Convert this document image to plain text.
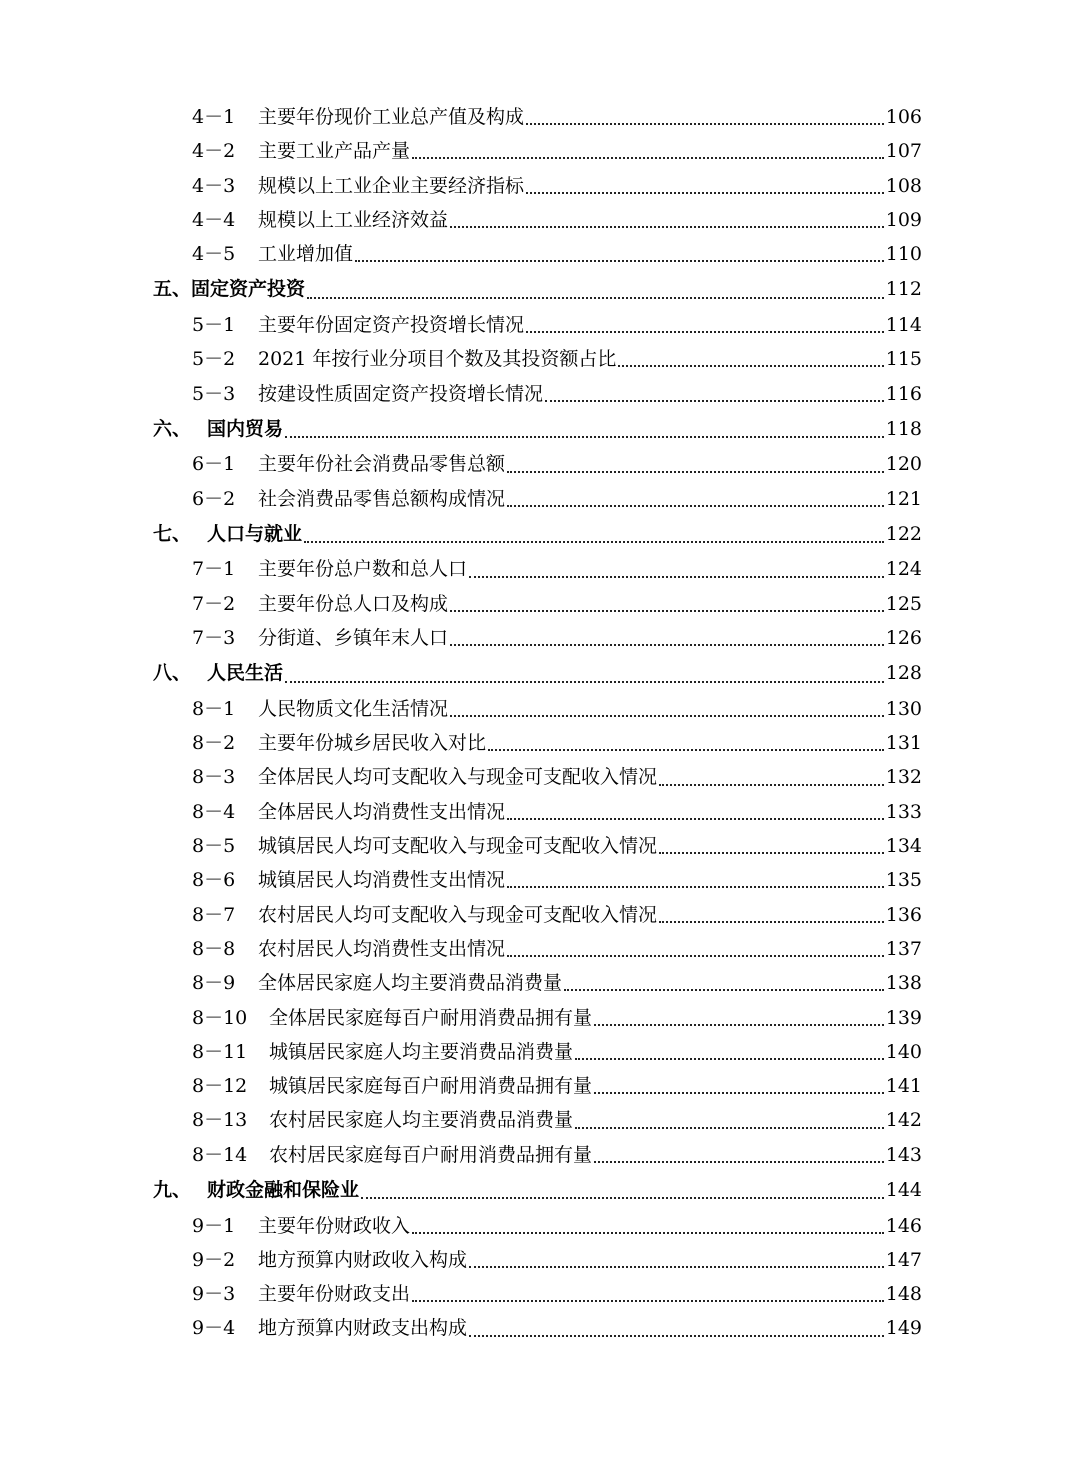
4－1	主要年份现价工业总产值及构成	106
4－2	主要工业产品产量	107
4－3	规模以上工业企业主要经济指标	108
4－4	规模以上工业经济效益	109
4－5	工业增加值	110
五、 固定资产投资	112
5－1	主要年份固定资产投资增长情况	114
5－2	2021 年按行业分项目个数及其投资额占比	115
5－3	按建设性质固定资产投资增长情况	116
六、 国内贸易	118
6－1	主要年份社会消费品零售总额	120
6－2	社会消费品零售总额构成情况	121
七、 人口与就业	122
7－1	主要年份总户数和总人口	124
7－2	主要年份总人口及构成	125
7－3	分街道、乡镇年末人口	126
八、 人民生活	128
8－1	人民物质文化生活情况	130
8－2	主要年份城乡居民收入对比	131
8－3	全体居民人均可支配收入与现金可支配收入情况	132
8－4	全体居民人均消费性支出情况	133
8－5	城镇居民人均可支配收入与现金可支配收入情况	134
8－6	城镇居民人均消费性支出情况	135
8－7	农村居民人均可支配收入与现金可支配收入情况	136
8－8	农村居民人均消费性支出情况	137
8－9	全体居民家庭人均主要消费品消费量	138
8－10	全体居民家庭每百户耐用消费品拥有量	139
8－11	城镇居民家庭人均主要消费品消费量	140
8－12	城镇居民家庭每百户耐用消费品拥有量	141
8－13	农村居民家庭人均主要消费品消费量	142
8－14	农村居民家庭每百户耐用消费品拥有量	143
九、 财政金融和保险业	144
9－1	主要年份财政收入	146
9－2	地方预算内财政收入构成	147
9－3	主要年份财政支出	148
9－4	地方预算内财政支出构成	149
